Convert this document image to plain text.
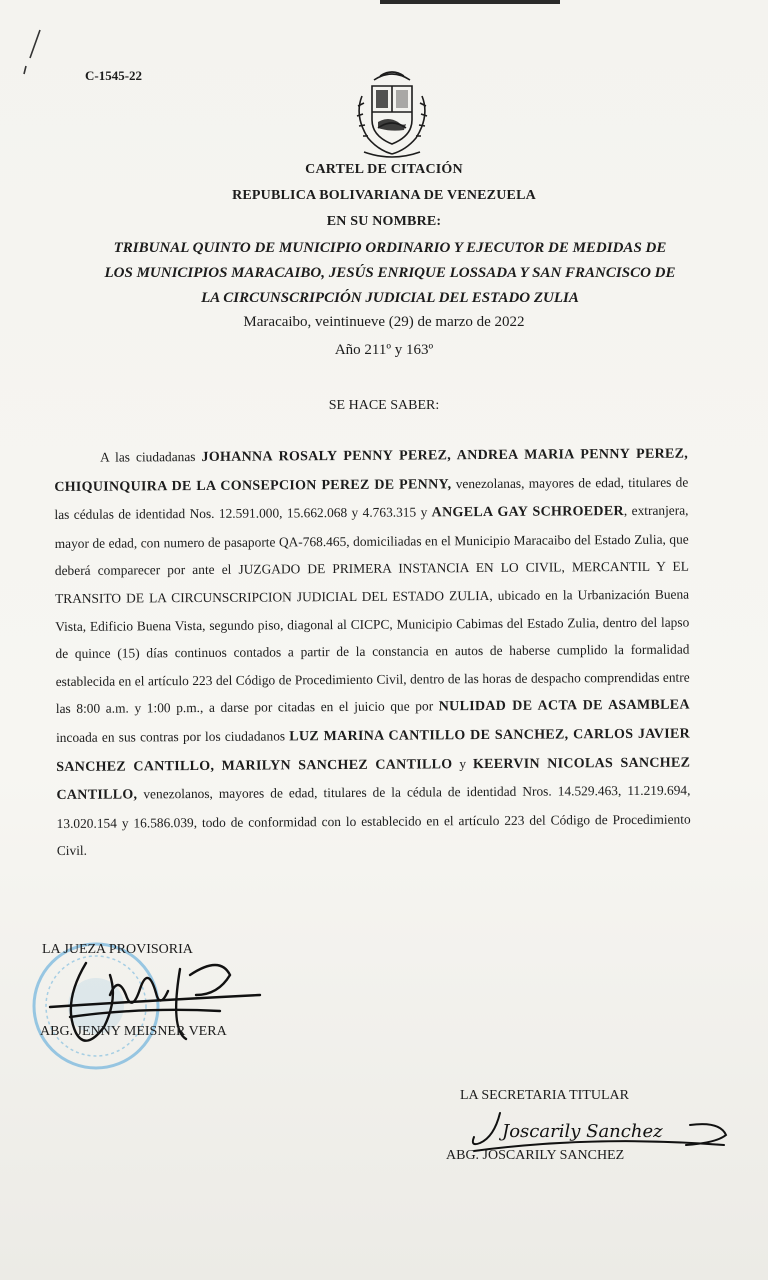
C-1545-22
CARTEL DE CITACIÓN
REPUBLICA BOLIVARIANA DE VENEZUELA
EN SU NOMBRE:
TRIBUNAL QUINTO DE MUNICIPIO ORDINARIO Y EJECUTOR DE MEDIDAS DE
LOS MUNICIPIOS MARACAIBO, JESÚS ENRIQUE LOSSADA Y SAN FRANCISCO DE
LA CIRCUNSCRIPCIÓN JUDICIAL DEL ESTADO ZULIA
Maracaibo, veintinueve (29) de marzo de 2022
Año 211º y 163º
SE HACE SABER:
A las ciudadanas JOHANNA ROSALY PENNY PEREZ, ANDREA MARIA PENNY PEREZ, CHIQUINQUIRA DE LA CONSEPCION PEREZ DE PENNY, venezolanas, mayores de edad, titulares de las cédulas de identidad Nos. 12.591.000, 15.662.068 y 4.763.315 y ANGELA GAY SCHROEDER, extranjera, mayor de edad, con numero de pasaporte QA-768.465, domiciliadas en el Municipio Maracaibo del Estado Zulia, que deberá comparecer por ante el JUZGADO DE PRIMERA INSTANCIA EN LO CIVIL, MERCANTIL Y EL TRANSITO DE LA CIRCUNSCRIPCION JUDICIAL DEL ESTADO ZULIA, ubicado en la Urbanización Buena Vista, Edificio Buena Vista, segundo piso, diagonal al CICPC, Municipio Cabimas del Estado Zulia, dentro del lapso de quince (15) días continuos contados a partir de la constancia en autos de haberse cumplido la formalidad establecida en el artículo 223 del Código de Procedimiento Civil, dentro de las horas de despacho comprendidas entre las 8:00 a.m. y 1:00 p.m., a darse por citadas en el juicio que por NULIDAD DE ACTA DE ASAMBLEA incoada en sus contras por los ciudadanos LUZ MARINA CANTILLO DE SANCHEZ, CARLOS JAVIER SANCHEZ CANTILLO, MARILYN SANCHEZ CANTILLO y KEERVIN NICOLAS SANCHEZ CANTILLO, venezolanos, mayores de edad, titulares de la cédula de identidad Nros. 14.529.463, 11.219.694, 13.020.154 y 16.586.039, todo de conformidad con lo establecido en el artículo 223 del Código de Procedimiento Civil.
LA JUEZA PROVISORIA
ABG. JENNY MEISNER VERA
LA SECRETARIA TITULAR
Joscarily Sanchez
ABG. JOSCARILY SANCHEZ
